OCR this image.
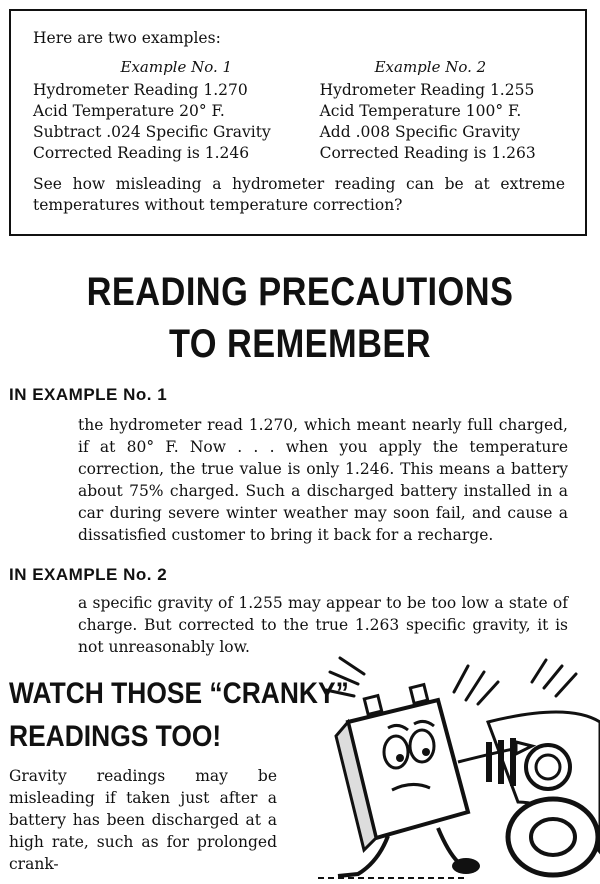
Here are two examples:

Example No. 1
Hydrometer Reading 1.270
Acid Temperature 20° F.
Subtract .024 Specific Gravity
Corrected Reading is 1.246
Example No. 2
Hydrometer Reading 1.255
Acid Temperature 100° F.
Add .008 Specific Gravity
Corrected Reading is 1.263
See how misleading a hydrometer reading can be at extreme temperatures without temperature correction?
READING PRECAUTIONS
TO REMEMBER
IN EXAMPLE No. 1
the hydrometer read 1.270, which meant nearly full charged, if at 80° F. Now . . . when you apply the temperature correction, the true value is only 1.246. This means a battery about 75% charged. Such a discharged battery installed in a car during severe winter weather may soon fail, and cause a dissatisfied customer to bring it back for a recharge.
IN EXAMPLE No. 2
a specific gravity of 1.255 may appear to be too low a state of charge. But corrected to the true 1.263 specific gravity, it is not unreasonably low.
WATCH THOSE “CRANKY”
READINGS TOO!
Gravity readings may be misleading if taken just after a battery has been discharged at a high rate, such as for prolonged crank-
